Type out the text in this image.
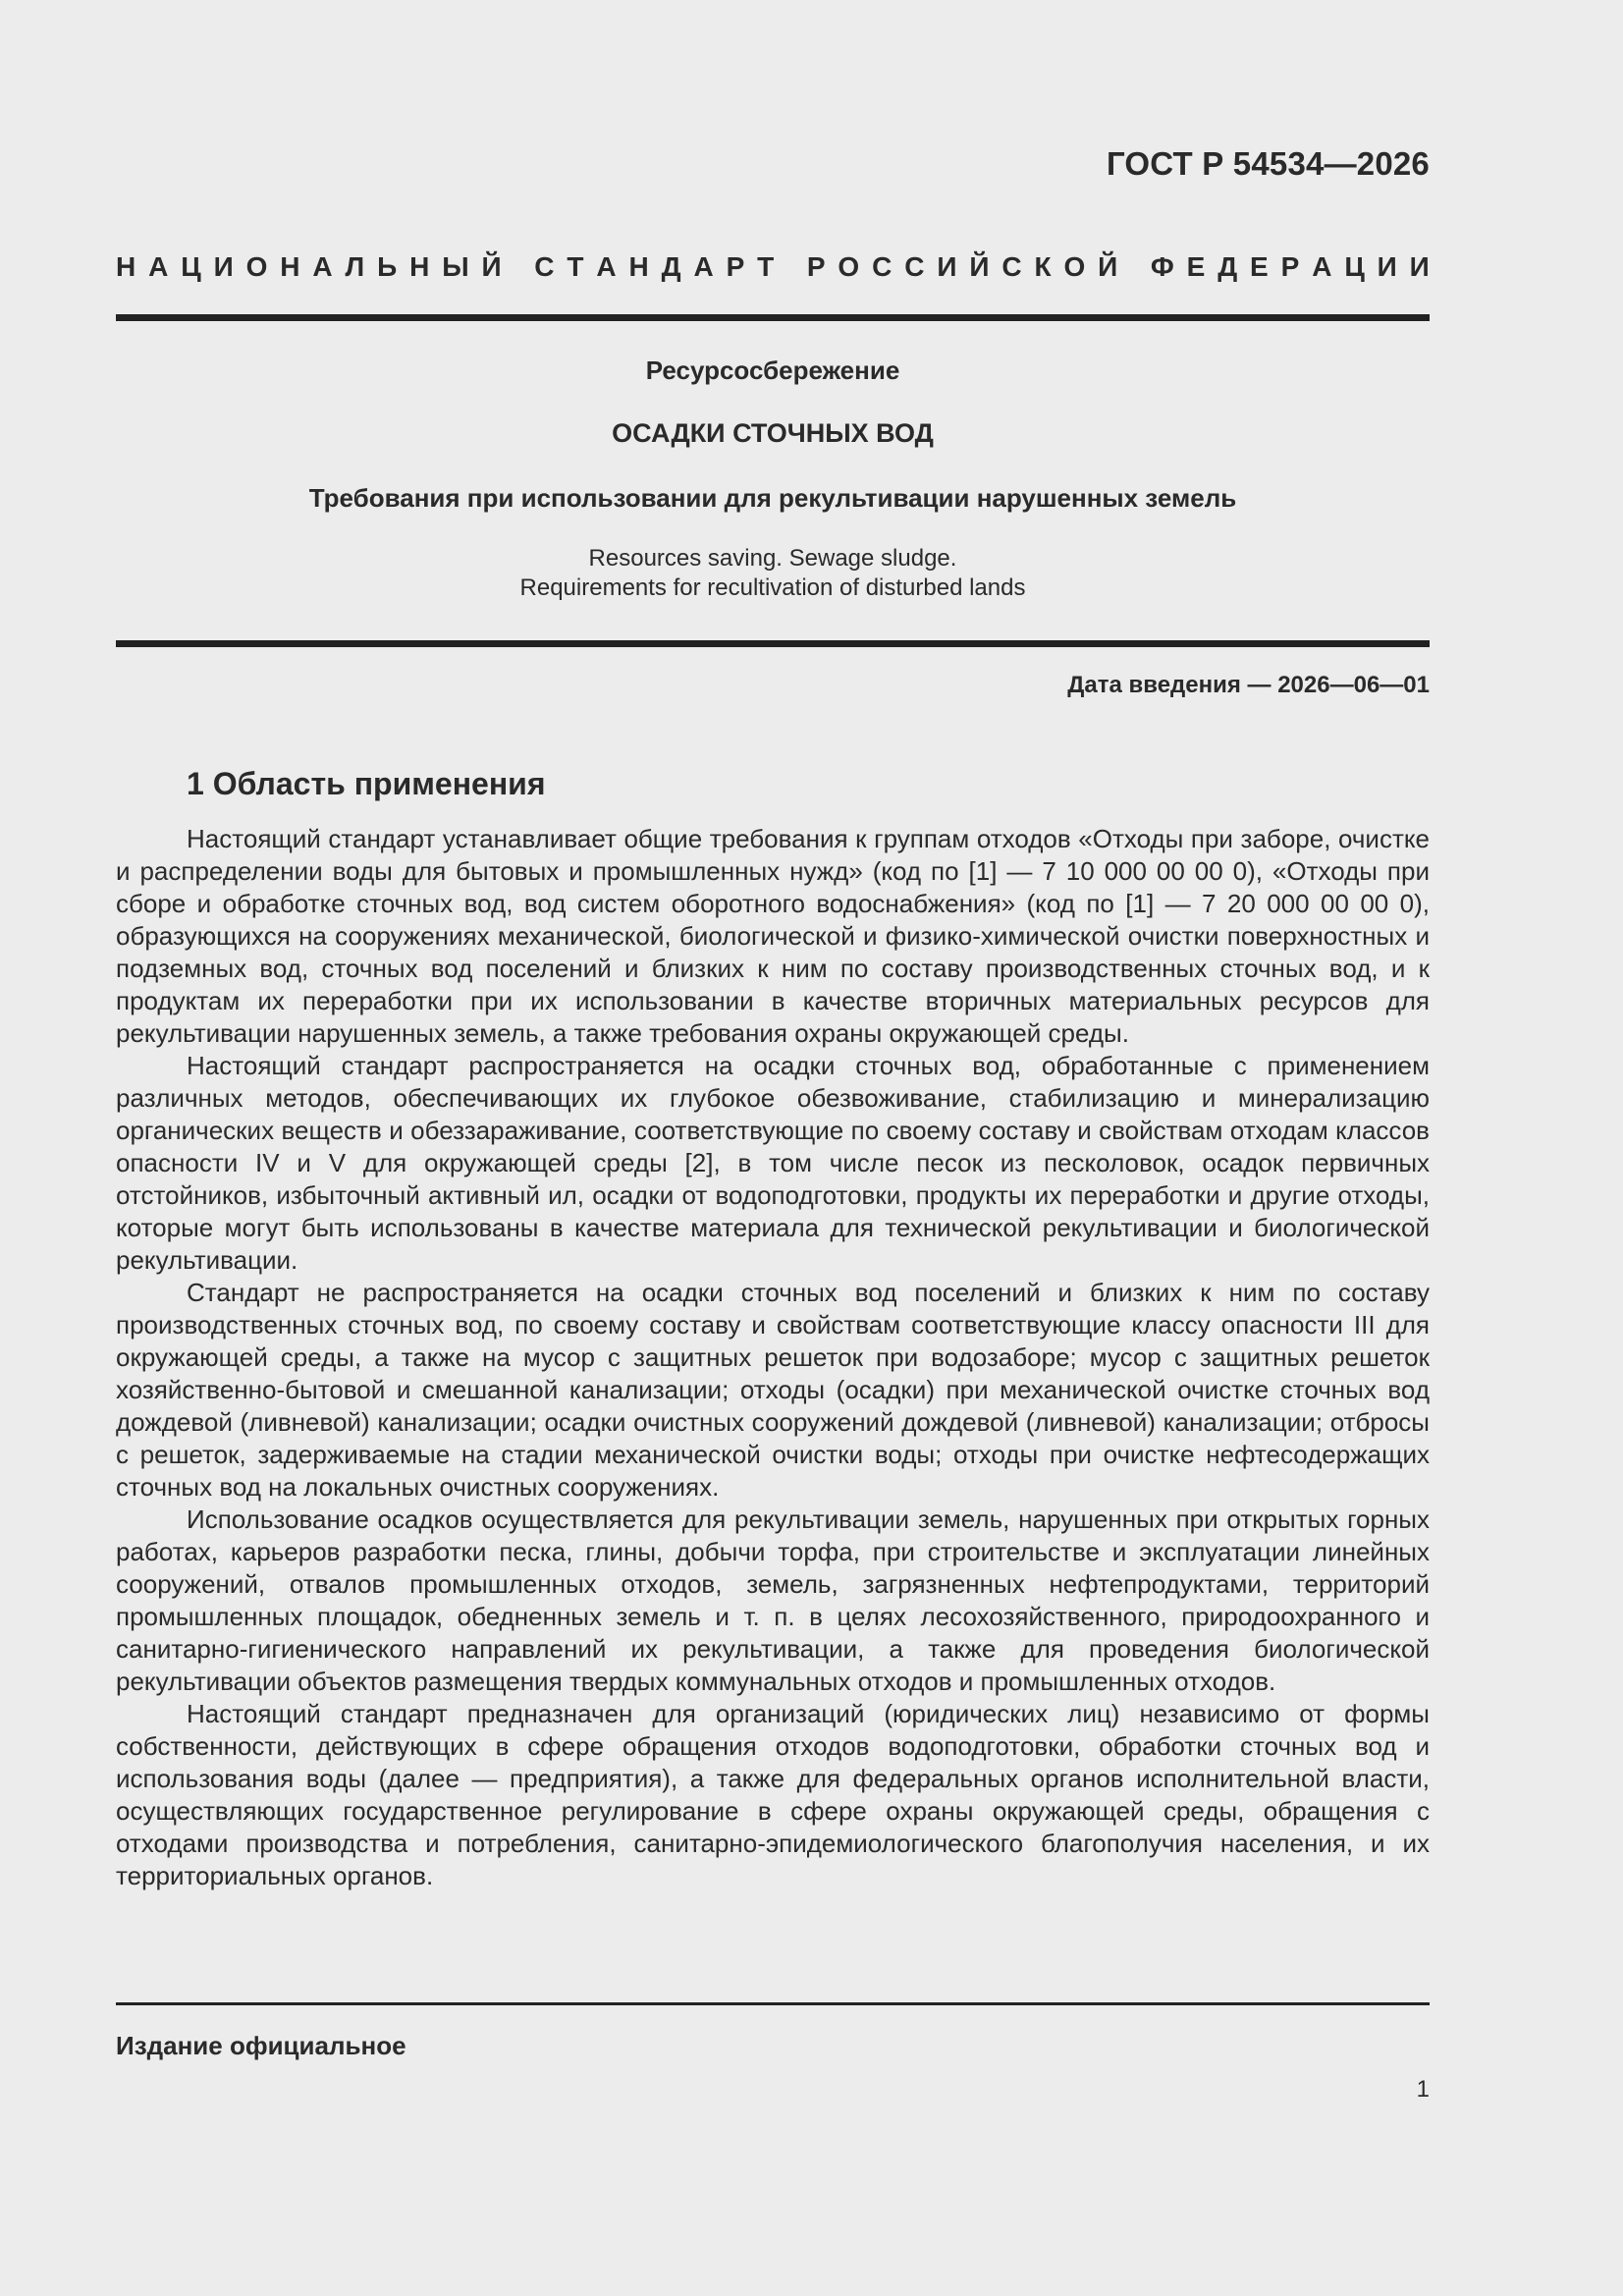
ГОСТ Р 54534—2026
Н А Ц И О Н А Л Ь Н Ы Й
С Т А Н Д А Р Т
Р О С С И Й С К О Й
Ф Е Д Е Р А Ц И И
Ресурсосбережение
ОСАДКИ СТОЧНЫХ ВОД
Требования при использовании для рекультивации нарушенных земель
Resources saving. Sewage sludge.
Requirements for recultivation of disturbed lands
Дата введения — 2026—06—01
1 Область применения

Настоящий стандарт устанавливает общие требования к группам отходов «Отходы при заборе, очистке и распределении воды для бытовых и промышленных нужд» (код по [1] — 7 10 000 00 00 0), «Отходы при сборе и обработке сточных вод, вод систем оборотного водоснабжения» (код по [1] — 7 20 000 00 00 0), образующихся на сооружениях механической, биологической и физико-химической очистки поверхностных и подземных вод, сточных вод поселений и близких к ним по составу производственных сточных вод, и к продуктам их переработки при их использовании в качестве вторичных материальных ресурсов для рекультивации нарушенных земель, а также требования охраны окружающей среды.

Настоящий стандарт распространяется на осадки сточных вод, обработанные с применением различных методов, обеспечивающих их глубокое обезвоживание, стабилизацию и минерализацию органических веществ и обеззараживание, соответствующие по своему составу и свойствам отходам классов опасности IV и V для окружающей среды [2], в том числе песок из песколовок, осадок первичных отстойников, избыточный активный ил, осадки от водоподготовки, продукты их переработки и другие отходы, которые могут быть использованы в качестве материала для технической рекультивации и биологической рекультивации.

Стандарт не распространяется на осадки сточных вод поселений и близких к ним по составу производственных сточных вод, по своему составу и свойствам соответствующие классу опасности III для окружающей среды, а также на мусор с защитных решеток при водозаборе; мусор с защитных решеток хозяйственно-бытовой и смешанной канализации; отходы (осадки) при механической очистке сточных вод дождевой (ливневой) канализации; осадки очистных сооружений дождевой (ливневой) канализации; отбросы с решеток, задерживаемые на стадии механической очистки воды; отходы при очистке нефтесодержащих сточных вод на локальных очистных сооружениях.

Использование осадков осуществляется для рекультивации земель, нарушенных при открытых горных работах, карьеров разработки песка, глины, добычи торфа, при строительстве и эксплуатации линейных сооружений, отвалов промышленных отходов, земель, загрязненных нефтепродуктами, территорий промышленных площадок, обедненных земель и т. п. в целях лесохозяйственного, природоохранного и санитарно-гигиенического направлений их рекультивации, а также для проведения биологической рекультивации объектов размещения твердых коммунальных отходов и промышленных отходов.

Настоящий стандарт предназначен для организаций (юридических лиц) независимо от формы собственности, действующих в сфере обращения отходов водоподготовки, обработки сточных вод и использования воды (далее — предприятия), а также для федеральных органов исполнительной власти, осуществляющих государственное регулирование в сфере охраны окружающей среды, обращения с отходами производства и потребления, санитарно-эпидемиологического благополучия населения, и их территориальных органов.

Издание официальное
1
